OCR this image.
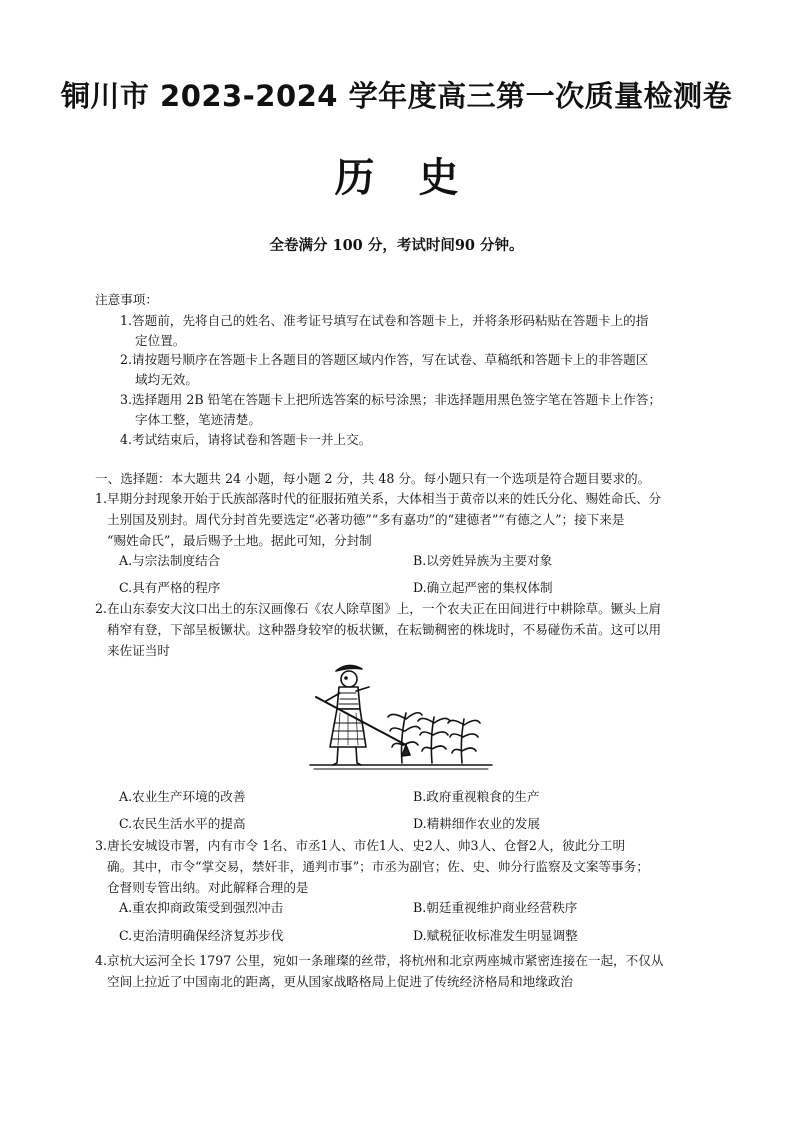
铜川市 2023-2024 学年度高三第一次质量检测卷
历史
全卷满分 100 分，考试时间90 分钟。
注意事项：
1.答题前，先将自己的姓名、准考证号填写在试卷和答题卡上，并将条形码粘贴在答题卡上的指
定位置。
2.请按题号顺序在答题卡上各题目的答题区域内作答，写在试卷、草稿纸和答题卡上的非答题区
域均无效。
3.选择题用 2B 铅笔在答题卡上把所选答案的标号涂黑；非选择题用黑色签字笔在答题卡上作答；
字体工整，笔迹清楚。
4.考试结束后，请将试卷和答题卡一并上交。
一、选择题：本大题共 24 小题，每小题 2 分，共 48 分。每小题只有一个选项是符合题目要求的。
1.早期分封现象开始于氏族部落时代的征服拓殖关系，大体相当于黄帝以来的姓氏分化、赐姓命氏、分
土别国及别封。周代分封首先要选定“必著功德”“多有嘉功”的“建德者”“有德之人”；接下来是
“赐姓命氏”，最后赐予土地。据此可知，分封制
A.与宗法制度结合	B.以旁姓异族为主要对象
C.具有严格的程序	D.确立起严密的集权体制
2.在山东泰安大汶口出土的东汉画像石《农人除草图》上，一个农夫正在田间进行中耕除草。镢头上肩
稍窄有登，下部呈板镢状。这种器身较窄的板状镢，在耘锄稠密的株垅时，不易碰伤禾苗。这可以用
来佐证当时
A.农业生产环境的改善	B.政府重视粮食的生产
C.农民生活水平的提高	D.精耕细作农业的发展
3.唐长安城设市署，内有市令 1名、市丞1人、市佐1人、史2人、帅3人、仓督2人，彼此分工明
确。其中，市令“掌交易，禁奸非，通判市事”；市丞为副官；佐、史、帅分行监察及文案等事务；
仓督则专管出纳。对此解释合理的是
A.重农抑商政策受到强烈冲击	B.朝廷重视维护商业经营秩序
C.吏治清明确保经济复苏步伐	D.赋税征收标准发生明显调整
4.京杭大运河全长 1797 公里，宛如一条璀璨的丝带，将杭州和北京两座城市紧密连接在一起，不仅从
空间上拉近了中国南北的距离，更从国家战略格局上促进了传统经济格局和地缘政治
